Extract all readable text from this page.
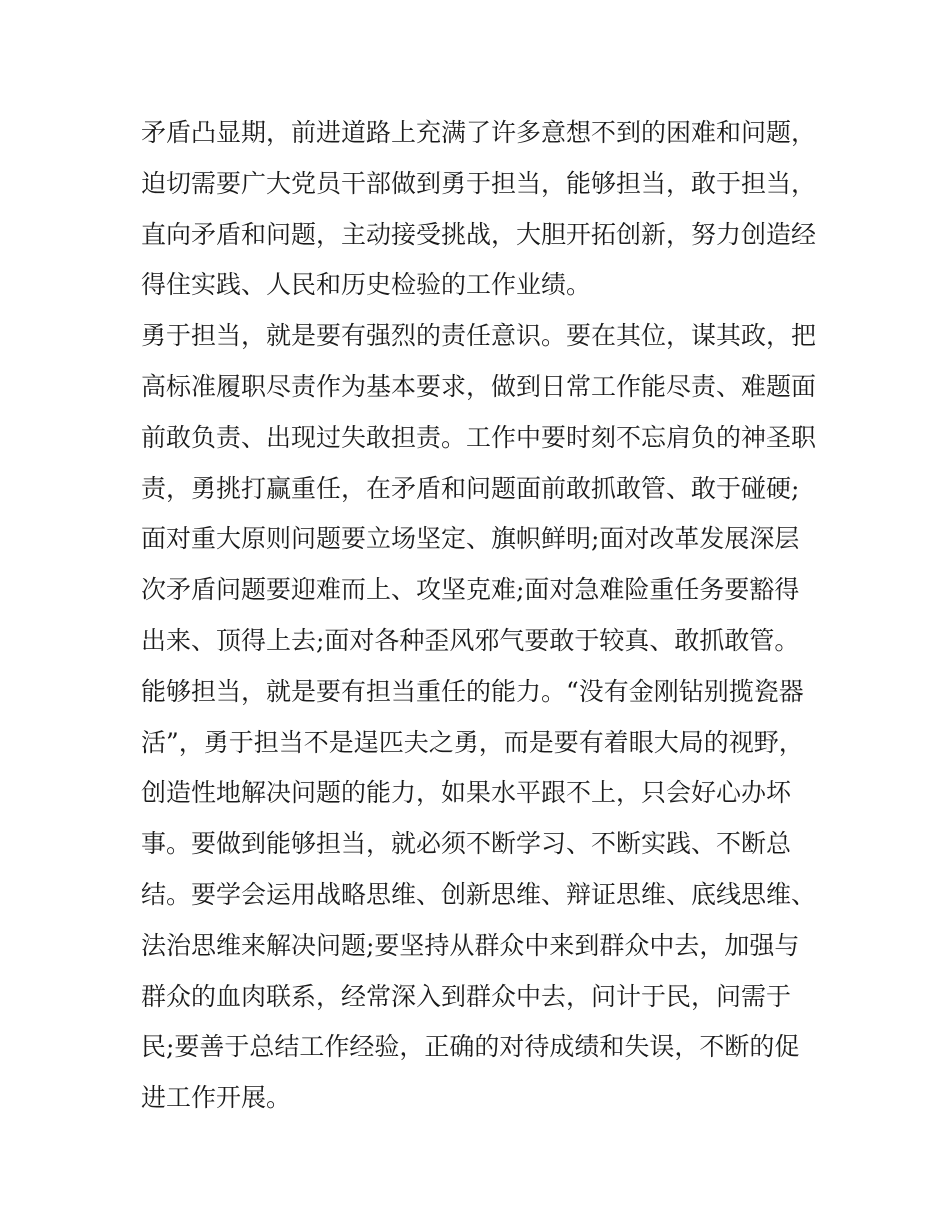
矛盾凸显期，前进道路上充满了许多意想不到的困难和问题，
迫切需要广大党员干部做到勇于担当，能够担当，敢于担当，
直向矛盾和问题，主动接受挑战，大胆开拓创新，努力创造经
得住实践、人民和历史检验的工作业绩。
勇于担当，就是要有强烈的责任意识。要在其位，谋其政，把
高标准履职尽责作为基本要求，做到日常工作能尽责、难题面
前敢负责、出现过失敢担责。工作中要时刻不忘肩负的神圣职
责，勇挑打赢重任，在矛盾和问题面前敢抓敢管、敢于碰硬;
面对重大原则问题要立场坚定、旗帜鲜明;面对改革发展深层
次矛盾问题要迎难而上、攻坚克难;面对急难险重任务要豁得
出来、顶得上去;面对各种歪风邪气要敢于较真、敢抓敢管。
能够担当，就是要有担当重任的能力。“没有金刚钻别揽瓷器
活”，勇于担当不是逞匹夫之勇，而是要有着眼大局的视野，
创造性地解决问题的能力，如果水平跟不上，只会好心办坏
事。要做到能够担当，就必须不断学习、不断实践、不断总
结。要学会运用战略思维、创新思维、辩证思维、底线思维、
法治思维来解决问题;要坚持从群众中来到群众中去，加强与
群众的血肉联系，经常深入到群众中去，问计于民，问需于
民;要善于总结工作经验，正确的对待成绩和失误，不断的促
进工作开展。
